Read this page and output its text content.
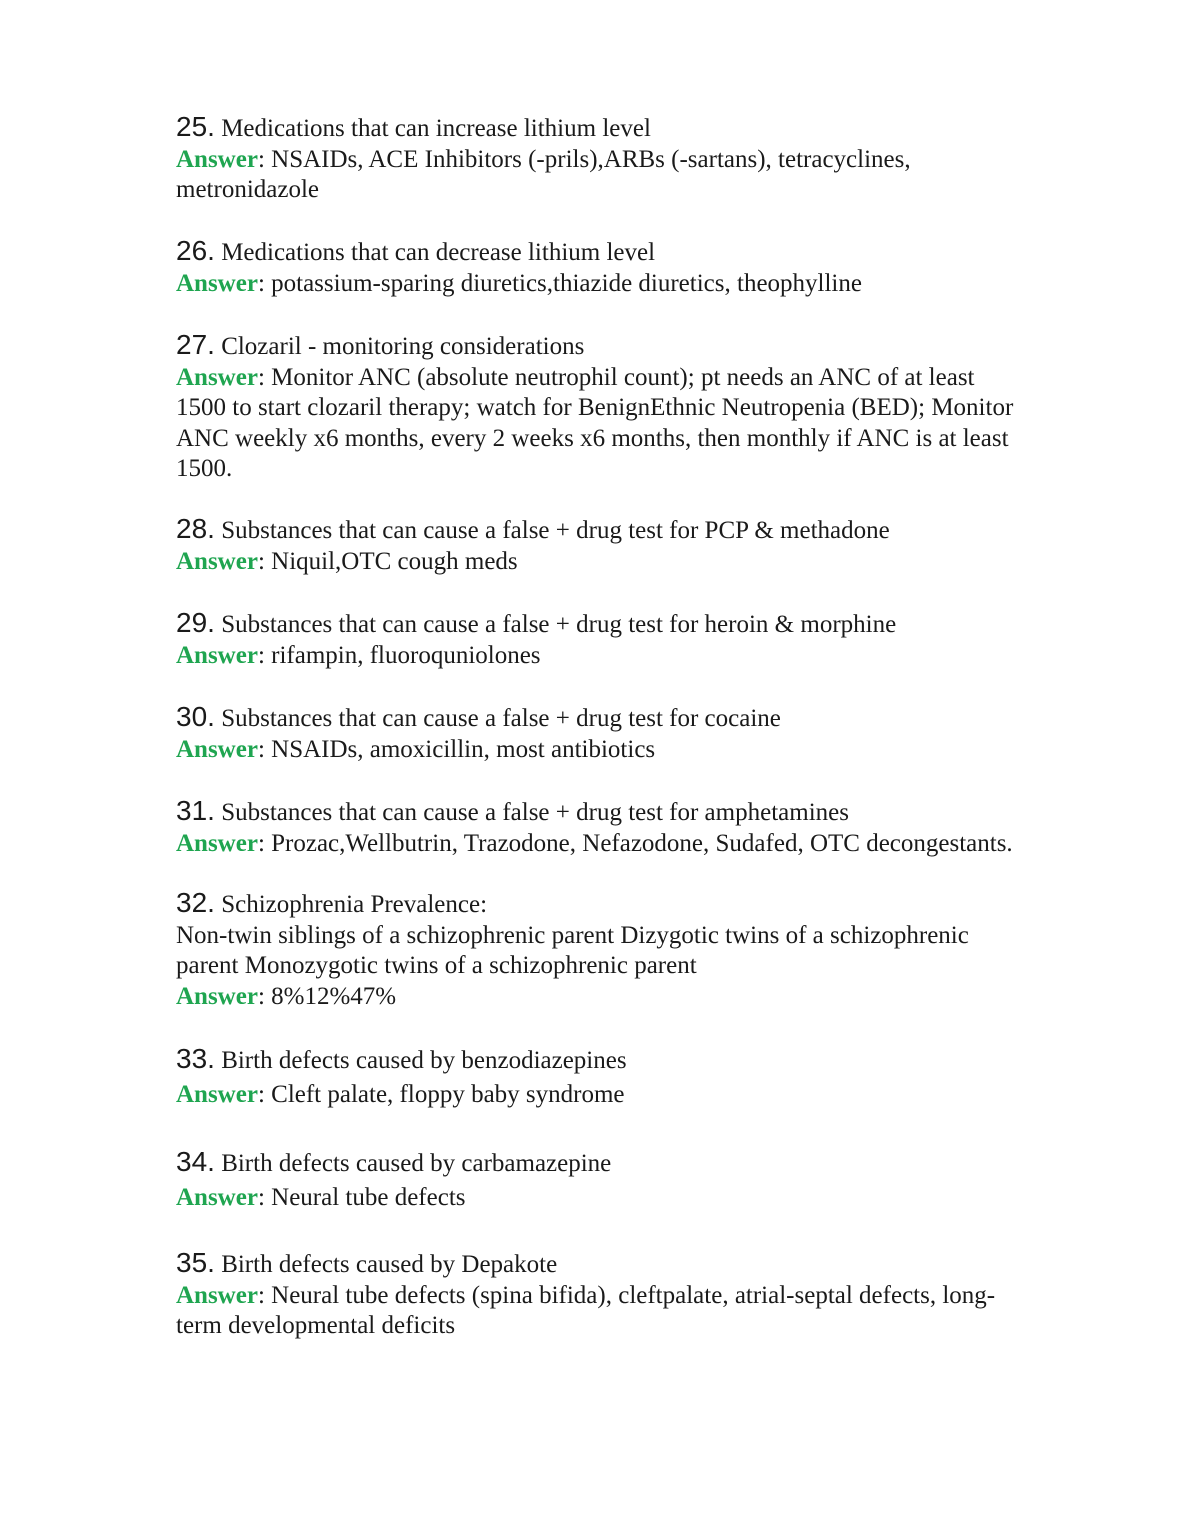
25. Medications that can increase lithium level
Answer: NSAIDs, ACE Inhibitors (-prils),ARBs (-sartans), tetracyclines,
metronidazole
26. Medications that can decrease lithium level
Answer: potassium-sparing diuretics,thiazide diuretics, theophylline
27. Clozaril - monitoring considerations
Answer: Monitor ANC (absolute neutrophil count); pt needs an ANC of at least
1500 to start clozaril therapy; watch for BenignEthnic Neutropenia (BED); Monitor
ANC weekly x6 months, every 2 weeks x6 months, then monthly if ANC is at least
1500.
28. Substances that can cause a false + drug test for PCP & methadone
Answer: Niquil,OTC cough meds
29. Substances that can cause a false + drug test for heroin & morphine
Answer: rifampin, fluoroquniolones
30. Substances that can cause a false + drug test for cocaine
Answer: NSAIDs, amoxicillin, most antibiotics
31. Substances that can cause a false + drug test for amphetamines
Answer: Prozac,Wellbutrin, Trazodone, Nefazodone, Sudafed, OTC decongestants.
32. Schizophrenia Prevalence:
Non-twin siblings of a schizophrenic parent Dizygotic twins of a schizophrenic
parent Monozygotic twins of a schizophrenic parent
Answer: 8%12%47%
33. Birth defects caused by benzodiazepines
Answer: Cleft palate, floppy baby syndrome
34. Birth defects caused by carbamazepine
Answer: Neural tube defects
35. Birth defects caused by Depakote
Answer: Neural tube defects (spina bifida), cleftpalate, atrial-septal defects, long-
term developmental deficits
